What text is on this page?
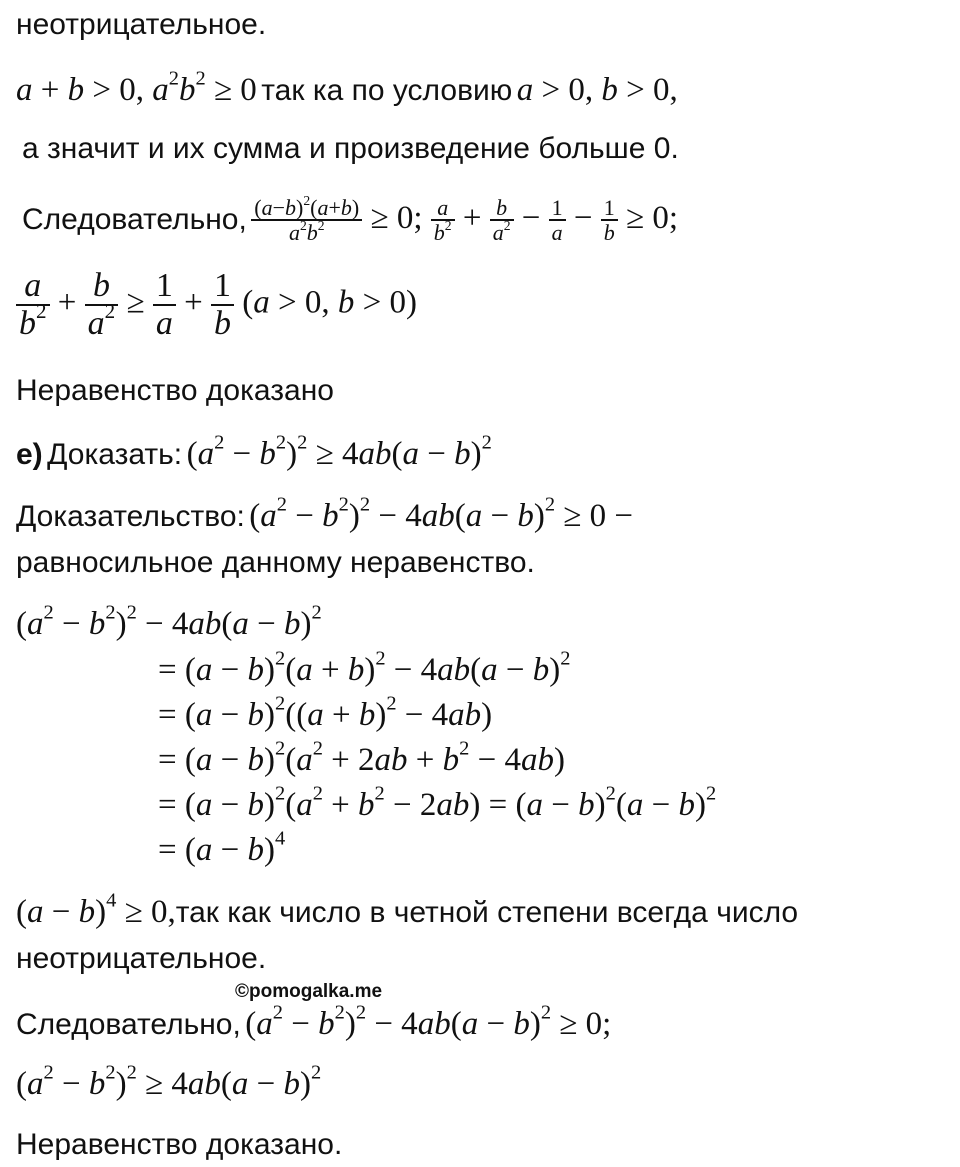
неотрицательное.
a + b > 0, $a^2b^2 \ge 0$ так ка по условию a > 0, b > 0,
а значит и их сумма и произведение больше 0.
Следовательно, $\frac{(a-b)^2(a+b)}{a^2b^2} \ge 0$; $\frac{a}{b^2} + \frac{b}{a^2} - \frac{1}{a} - \frac{1}{b} \ge 0$;
$\frac{a}{b^2} + \frac{b}{a^2} \ge \frac{1}{a} + \frac{1}{b} (a > 0$, b > 0)
Неравенство доказано
е) Доказать: $(a^2 - b^2)^2 \ge 4ab(a - b)^2$
Доказательство: $(a^2 - b^2)^2 - 4ab(a - b)^2 \ge 0$ −
равносильное данному неравенство.
$(a^2 - b^2)^2 - 4ab(a - b)^2$
= $(a - b)^2(a + b)^2 - 4ab(a - b)^2$
= $(a - b)^2((a + b)^2 - 4ab)$
= $(a - b)^2(a^2 + 2ab + b^2 - 4ab)$
= $(a - b)^2(a^2 + b^2 - 2ab) = (a - b)^2(a - b)^2$
= $(a - b)^4$
$(a - b)^4 \ge 0,так$ как число в четной степени всегда число
неотрицательное.
©pomogalka.me
Следовательно, $(a^2 - b^2)^2 - 4ab(a - b)^2 \ge 0$;
$(a^2 - b^2)^2 \ge 4ab(a - b)^2$
Неравенство доказано.
